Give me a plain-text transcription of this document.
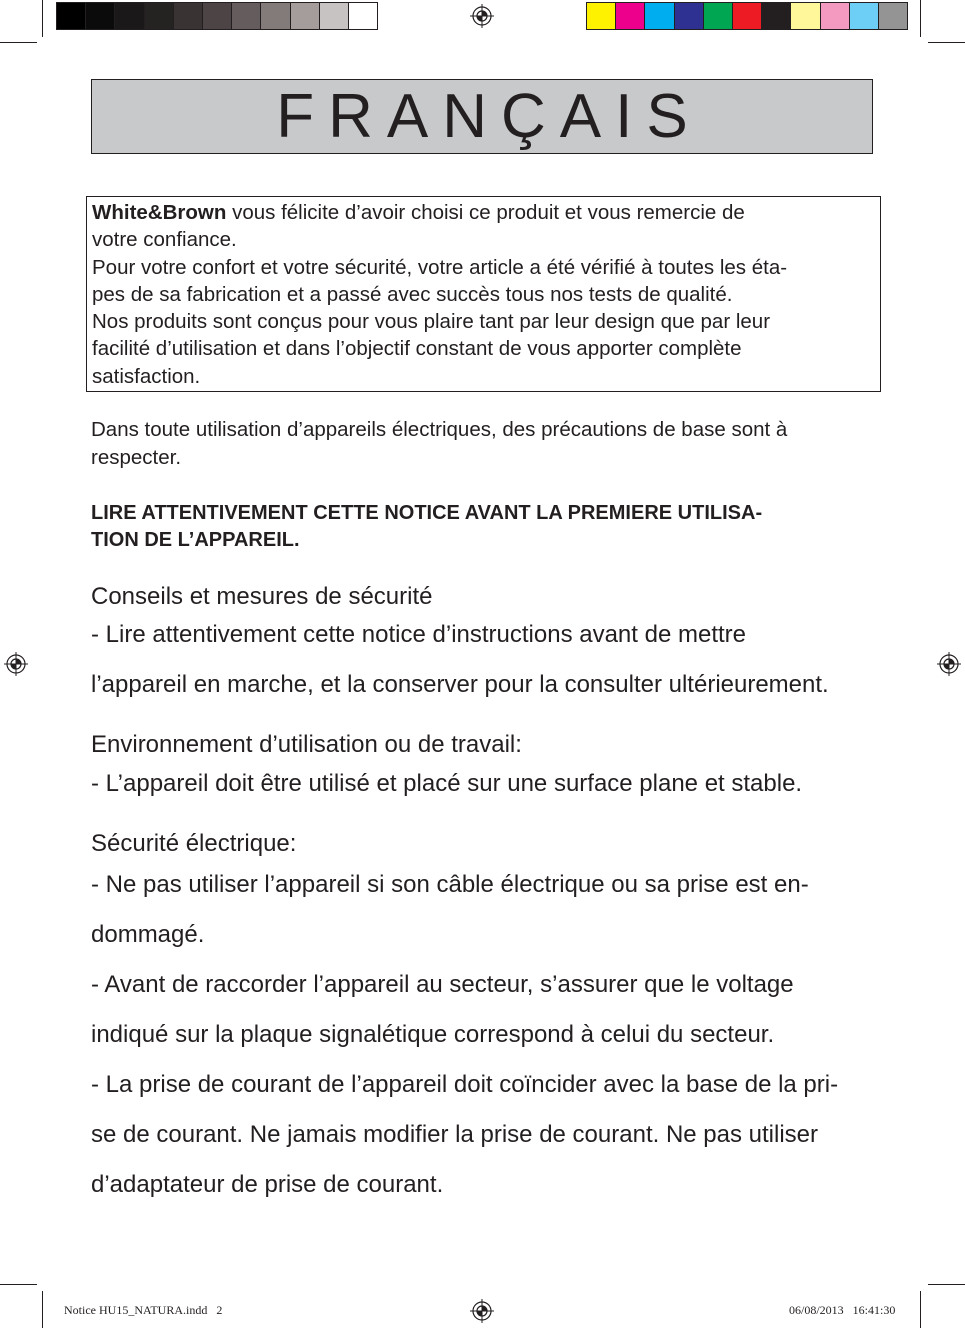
FRANÇAIS

White&Brown vous félicite d’avoir choisi ce produit et vous remercie de

votre confiance.

Pour votre confort et votre sécurité, votre article a été vérifié à toutes les éta-

pes de sa fabrication et a passé avec succès tous nos tests de qualité.

Nos produits sont conçus pour vous plaire tant par leur design que par leur

facilité d’utilisation et dans l’objectif constant de vous apporter complète

satisfaction.

Dans toute utilisation d’appareils électriques, des précautions de base sont à
respecter.
LIRE ATTENTIVEMENT CETTE NOTICE AVANT LA PREMIERE UTILISA-
TION DE L’APPAREIL.
Conseils et mesures de sécurité
- Lire attentivement cette notice d’instructions avant de mettre
l’appareil en marche, et la conserver pour la consulter ultérieurement.
Environnement d’utilisation ou de travail:
- L’appareil doit être utilisé et placé sur une surface plane et stable.
Sécurité électrique:
- Ne pas utiliser l’appareil si son câble électrique ou sa prise est en-
dommagé.
- Avant de raccorder l’appareil au secteur, s’assurer que le voltage
indiqué sur la plaque signalétique correspond à celui du secteur.
- La prise de courant de l’appareil doit coïncider avec la base de la pri-
se de courant. Ne jamais modifier la prise de courant. Ne pas utiliser
d’adaptateur de prise de courant.
Notice HU15_NATURA.indd   2	06/08/2013   16:41:30
